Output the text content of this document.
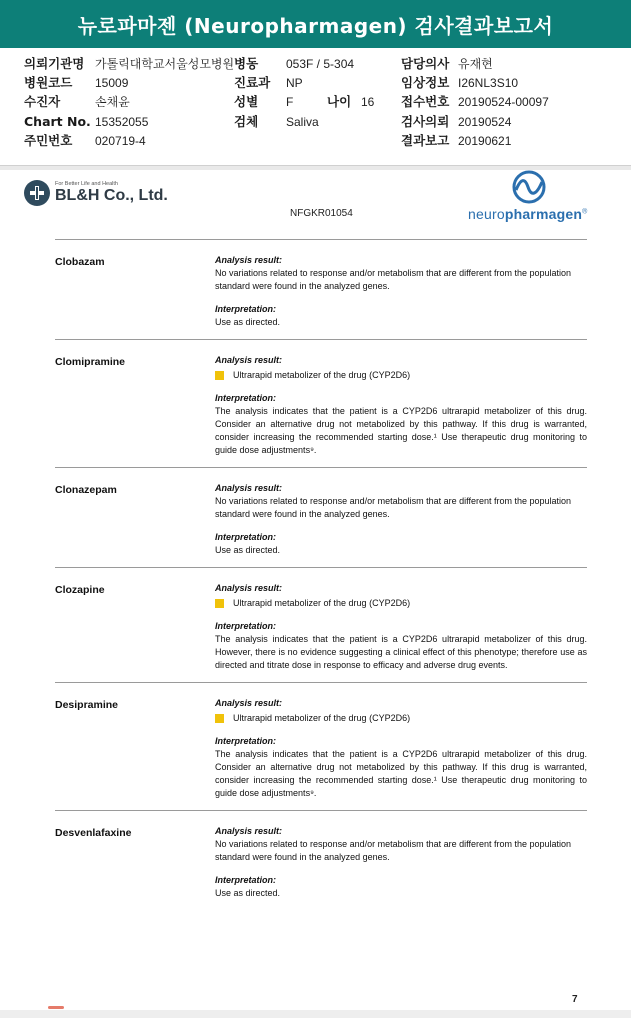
뉴로파마젠 (Neuropharmagen) 검사결과보고서
의뢰기관명 가톨릭대학교서울성모병원 병동 053F / 5-304	담당의사 유재현
병원코드 15009	진료과 NP	임상정보 I26NL3S10
수진자	손채윤	성별 F	나이 16 접수번호 20190524-00097
Chart No. 15352055	검체 Saliva	검사의뢰 20190524
주민번호 020719-4	결과보고 20190621
For Better Life and Health
BL&H Co., Ltd.
neuropharmagen®
NFGKR01054
Clobazam	Analysis result:
No variations related to response and/or metabolism that are different from the population standard were found in the analyzed genes.
Interpretation:
Use as directed.
Clomipramine	Analysis result:
Ultrarapid metabolizer of the drug (CYP2D6)
Interpretation:
The analysis indicates that the patient is a CYP2D6 ultrarapid metabolizer of this drug. Consider an alternative drug not metabolized by this pathway. If this drug is warranted, consider increasing the recommended starting dose.¹ Use therapeutic drug monitoring to guide dose adjustments⁹.
Clonazepam	Analysis result:
No variations related to response and/or metabolism that are different from the population standard were found in the analyzed genes.
Interpretation:
Use as directed.
Clozapine	Analysis result:
Ultrarapid metabolizer of the drug (CYP2D6)
Interpretation:
The analysis indicates that the patient is a CYP2D6 ultrarapid metabolizer of this drug. However, there is no evidence suggesting a clinical effect of this phenotype; therefore use as directed and titrate dose in response to efficacy and adverse drug events.
Desipramine	Analysis result:
Ultrarapid metabolizer of the drug (CYP2D6)
Interpretation:
The analysis indicates that the patient is a CYP2D6 ultrarapid metabolizer of this drug. Consider an alternative drug not metabolized by this pathway. If this drug is warranted, consider increasing the recommended starting dose.¹ Use therapeutic drug monitoring to guide dose adjustments⁹.
Desvenlafaxine	Analysis result:
No variations related to response and/or metabolism that are different from the population standard were found in the analyzed genes.
Interpretation:
Use as directed.
7
